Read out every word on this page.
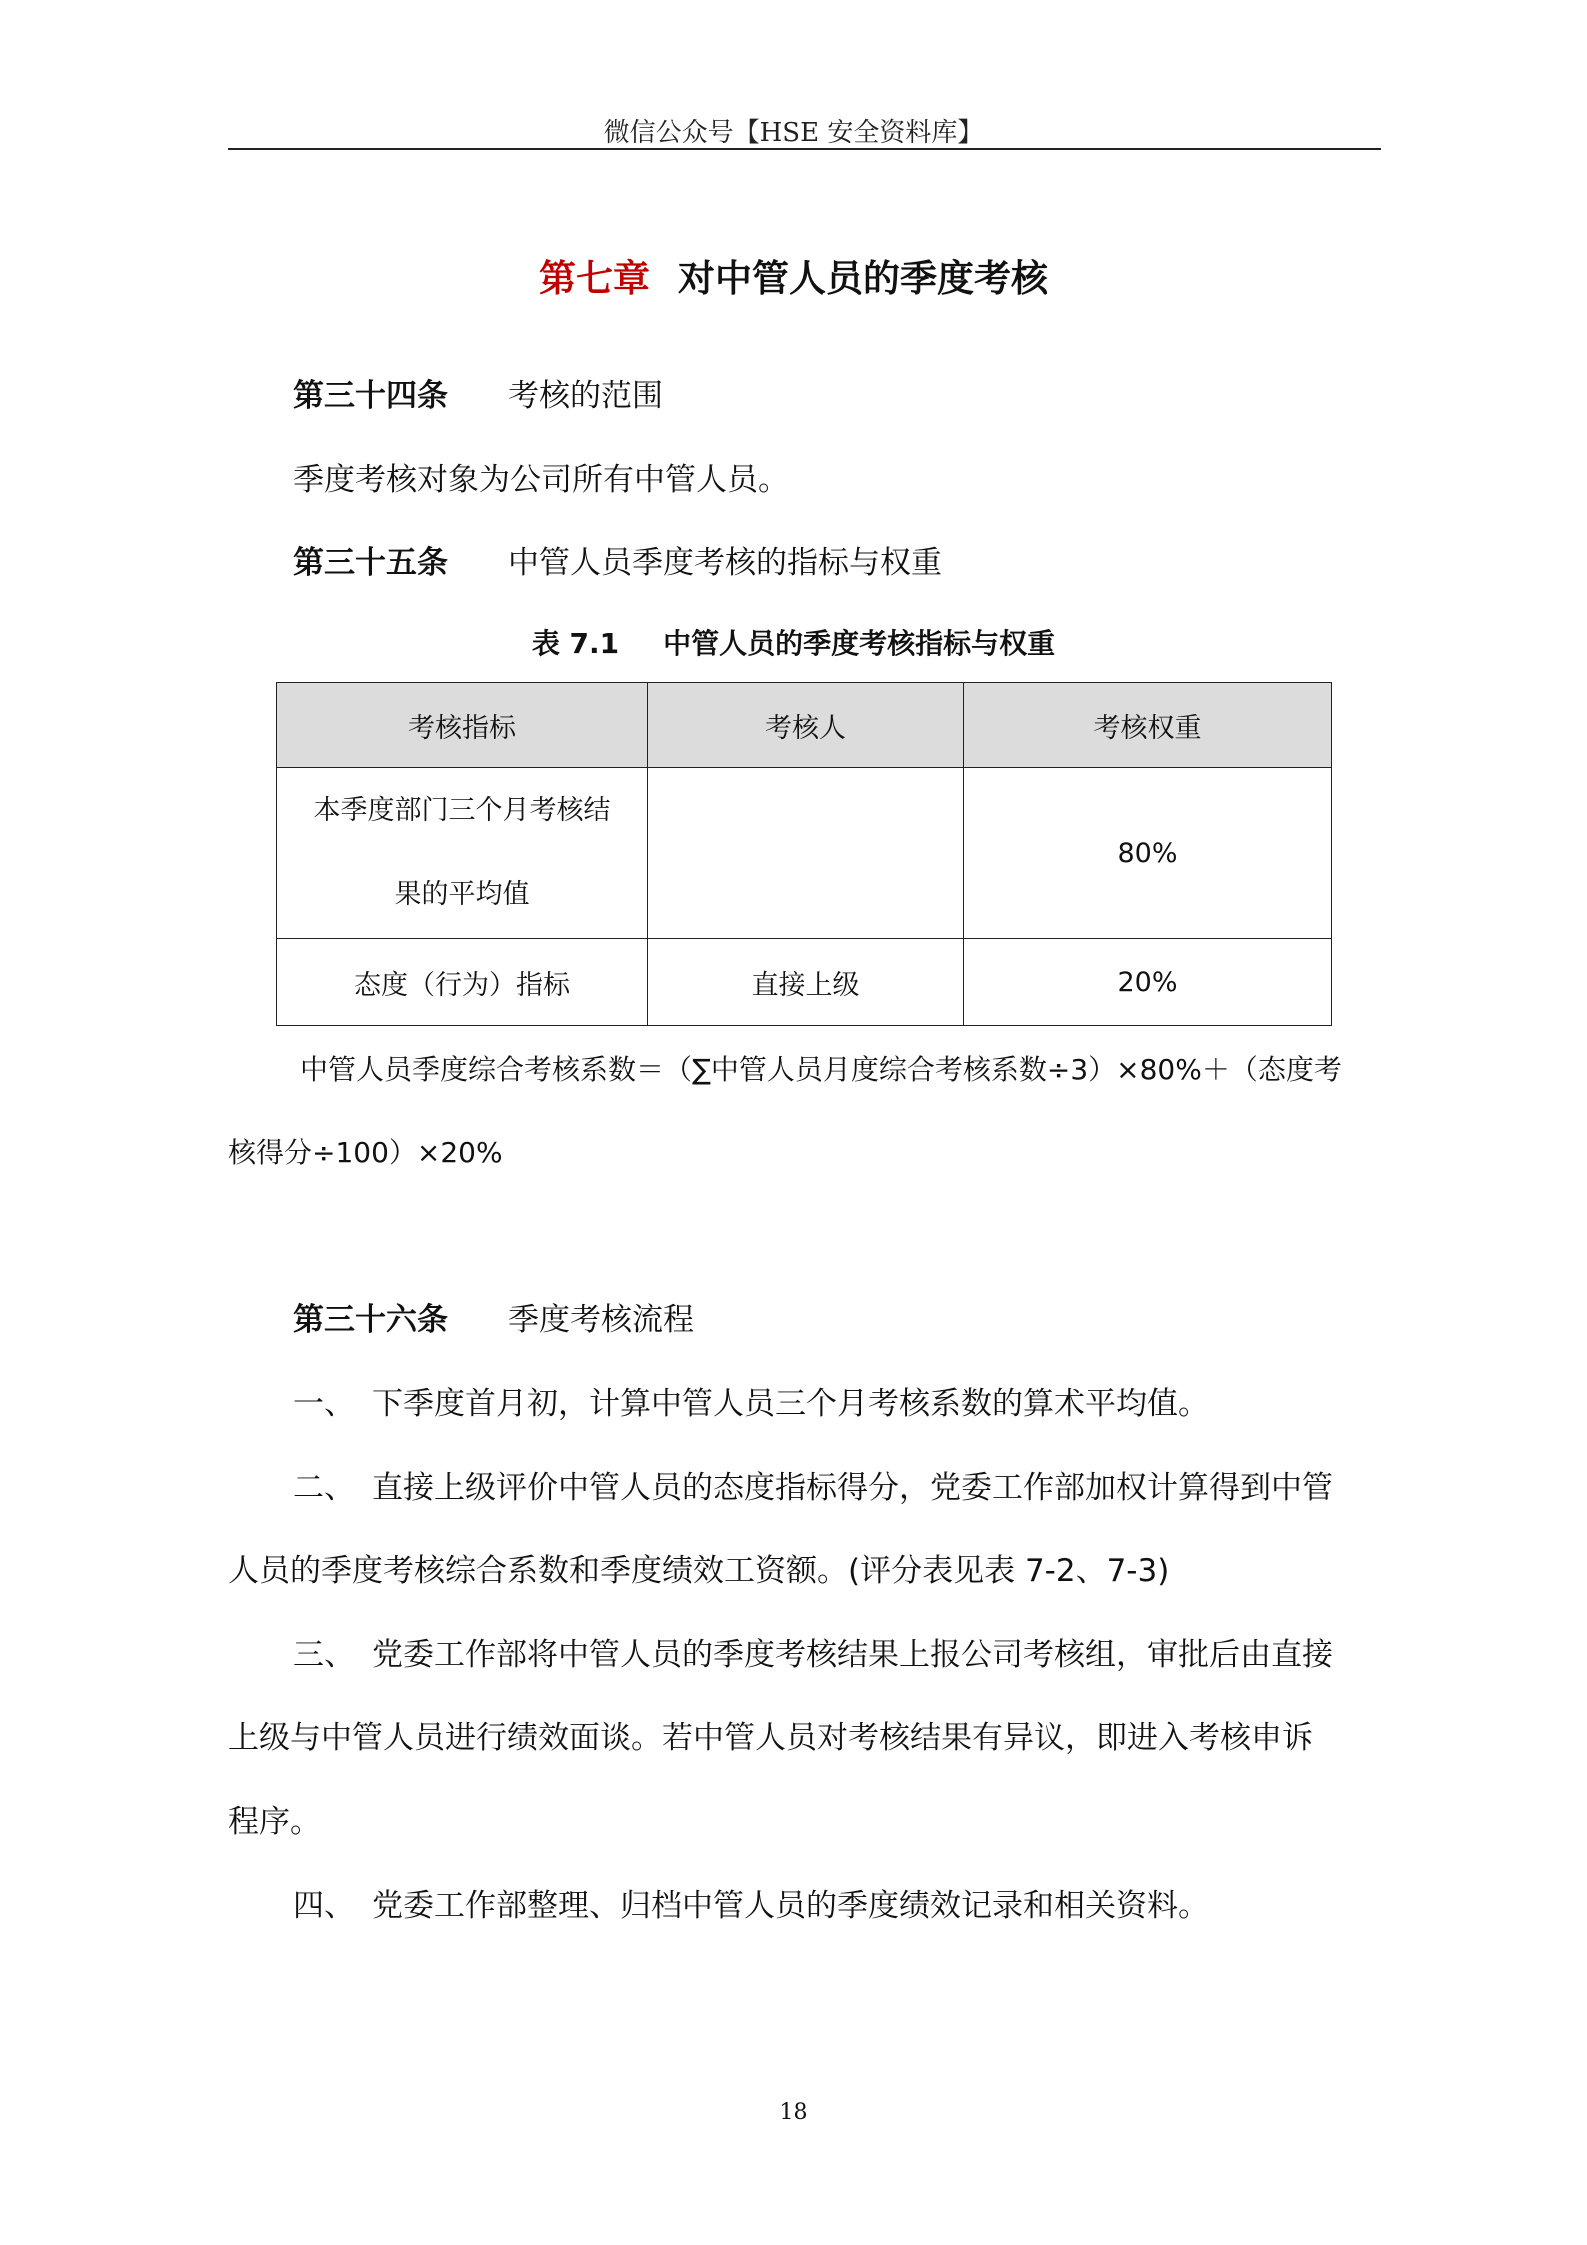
微信公众号【HSE 安全资料库】
第七章 对中管人员的季度考核
第三十四条 考核的范围
季度考核对象为公司所有中管人员。
第三十五条 中管人员季度考核的指标与权重
表 7.1 中管人员的季度考核指标与权重
考核指标	考核人	考核权重

本季度部门三个月考核结
果的平均值		80%
态度（行为）指标	直接上级	20%
中管人员季度综合考核系数＝（∑中管人员月度综合考核系数÷3）×80%＋（态度考
核得分÷100）×20%
第三十六条 季度考核流程
一、 下季度首月初，计算中管人员三个月考核系数的算术平均值。
二、 直接上级评价中管人员的态度指标得分，党委工作部加权计算得到中管
人员的季度考核综合系数和季度绩效工资额。(评分表见表 7-2、7-3)
三、 党委工作部将中管人员的季度考核结果上报公司考核组，审批后由直接
上级与中管人员进行绩效面谈。若中管人员对考核结果有异议，即进入考核申诉
程序。
四、 党委工作部整理、归档中管人员的季度绩效记录和相关资料。
18
